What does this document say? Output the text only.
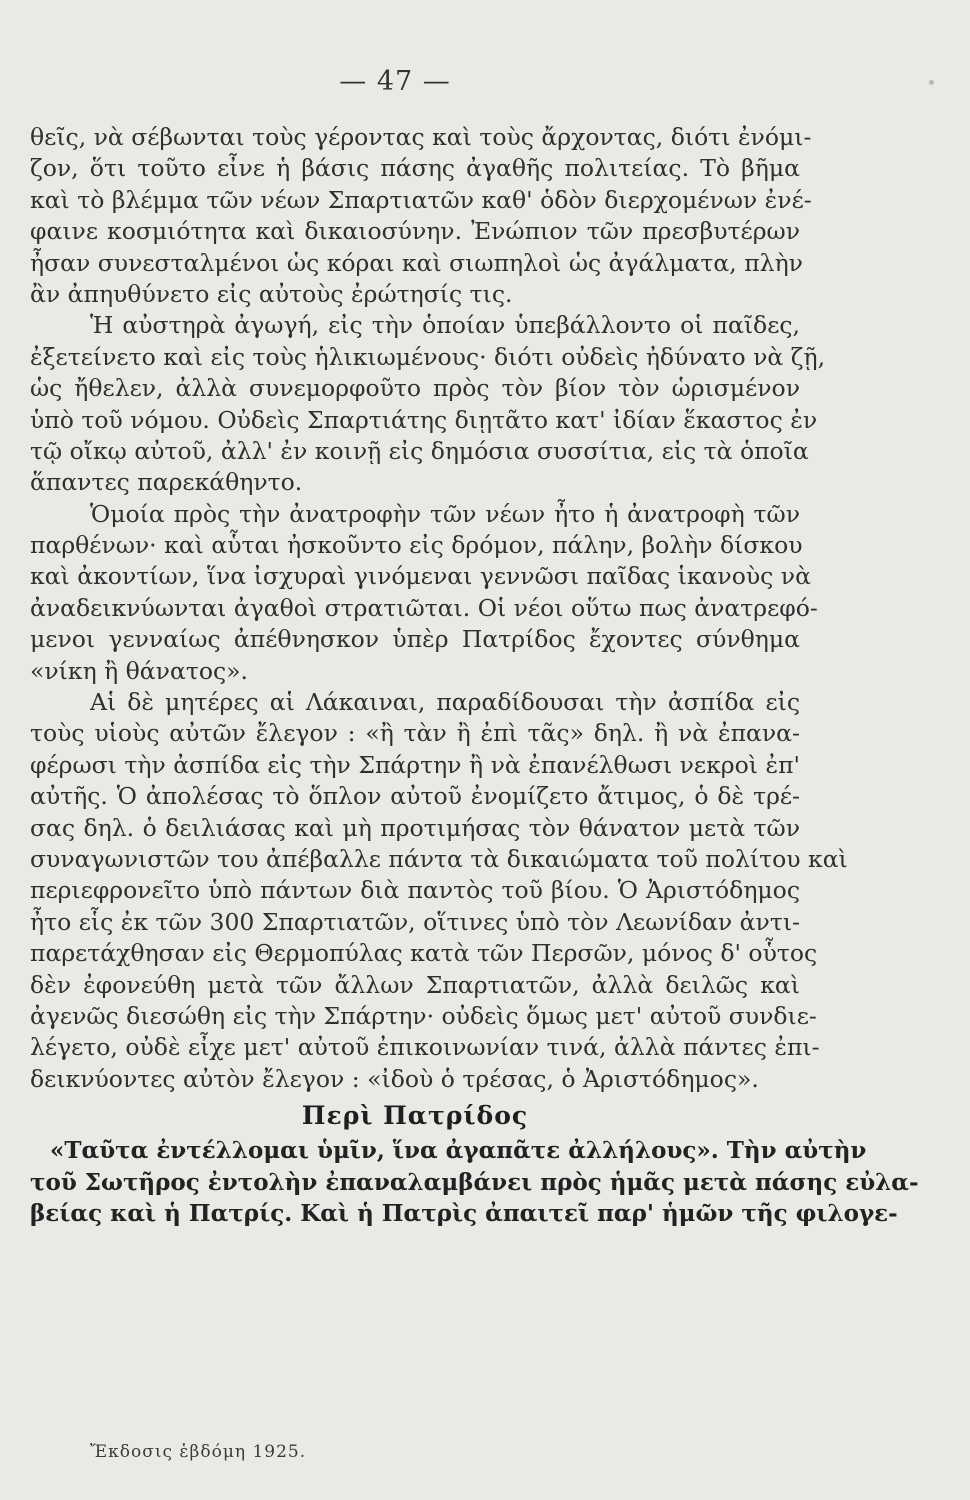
— 47 —
θεῖς, νὰ σέβωνται τοὺς γέροντας καὶ τοὺς ἄρχοντας, διότι ἐνόμι-
ζον, ὅτι τοῦτο εἶνε ἡ βάσις πάσης ἀγαθῆς πολιτείας. Τὸ βῆμα
καὶ τὸ βλέμμα τῶν νέων Σπαρτιατῶν καθ' ὁδὸν διερχομένων ἐνέ-
φαινε κοσμιότητα καὶ δικαιοσύνην. Ἐνώπιον τῶν πρεσβυτέρων
ἦσαν συνεσταλμένοι ὡς κόραι καὶ σιωπηλοὶ ὡς ἀγάλματα, πλὴν
ἂν ἀπηυθύνετο εἰς αὐτοὺς ἐρώτησίς τις.
Ἡ αὐστηρὰ ἀγωγή, εἰς τὴν ὁποίαν ὑπεβάλλοντο οἱ παῖδες,
ἐξετείνετο καὶ εἰς τοὺς ἡλικιωμένους· διότι οὐδεὶς ἠδύνατο νὰ ζῇ,
ὡς ἤθελεν, ἀλλὰ συνεμορφοῦτο πρὸς τὸν βίον τὸν ὡρισμένον
ὑπὸ τοῦ νόμου. Οὐδεὶς Σπαρτιάτης διῃτᾶτο κατ' ἰδίαν ἕκαστος ἐν
τῷ οἴκῳ αὐτοῦ, ἀλλ' ἐν κοινῇ εἰς δημόσια συσσίτια, εἰς τὰ ὁποῖα
ἅπαντες παρεκάθηντο.
Ὁμοία πρὸς τὴν ἀνατροφὴν τῶν νέων ἦτο ἡ ἀνατροφὴ τῶν
παρθένων· καὶ αὗται ἠσκοῦντο εἰς δρόμον, πάλην, βολὴν δίσκου
καὶ ἀκοντίων, ἵνα ἰσχυραὶ γινόμεναι γεννῶσι παῖδας ἱκανοὺς νὰ
ἀναδεικνύωνται ἀγαθοὶ στρατιῶται. Οἱ νέοι οὕτω πως ἀνατρεφό-
μενοι γενναίως ἀπέθνησκον ὑπὲρ Πατρίδος ἔχοντες σύνθημα
«νίκη ἢ θάνατος».
Αἱ δὲ μητέρες αἱ Λάκαιναι, παραδίδουσαι τὴν ἀσπίδα εἰς
τοὺς υἱοὺς αὐτῶν ἔλεγον : «ἢ τὰν ἢ ἐπὶ τᾶς» δηλ. ἢ νὰ ἐπανα-
φέρωσι τὴν ἀσπίδα εἰς τὴν Σπάρτην ἢ νὰ ἐπανέλθωσι νεκροὶ ἐπ'
αὐτῆς. Ὁ ἀπολέσας τὸ ὅπλον αὐτοῦ ἐνομίζετο ἄτιμος, ὁ δὲ τρέ-
σας δηλ. ὁ δειλιάσας καὶ μὴ προτιμήσας τὸν θάνατον μετὰ τῶν
συναγωνιστῶν του ἀπέβαλλε πάντα τὰ δικαιώματα τοῦ πολίτου καὶ
περιεφρονεῖτο ὑπὸ πάντων διὰ παντὸς τοῦ βίου. Ὁ Ἀριστόδημος
ἦτο εἷς ἐκ τῶν 300 Σπαρτιατῶν, οἵτινες ὑπὸ τὸν Λεωνίδαν ἀντι-
παρετάχθησαν εἰς Θερμοπύλας κατὰ τῶν Περσῶν, μόνος δ' οὗτος
δὲν ἐφονεύθη μετὰ τῶν ἄλλων Σπαρτιατῶν, ἀλλὰ δειλῶς καὶ
ἀγενῶς διεσώθη εἰς τὴν Σπάρτην· οὐδεὶς ὅμως μετ' αὐτοῦ συνδιε-
λέγετο, οὐδὲ εἶχε μετ' αὐτοῦ ἐπικοινωνίαν τινά, ἀλλὰ πάντες ἐπι-
δεικνύοντες αὐτὸν ἔλεγον : «ἰδοὺ ὁ τρέσας, ὁ Ἀριστόδημος».
Περὶ Πατρίδος
«Ταῦτα ἐντέλλομαι ὑμῖν, ἵνα ἀγαπᾶτε ἀλλήλους». Τὴν αὐτὴν
τοῦ Σωτῆρος ἐντολὴν ἐπαναλαμβάνει πρὸς ἡμᾶς μετὰ πάσης εὐλα-
βείας καὶ ἡ Πατρίς. Καὶ ἡ Πατρὶς ἀπαιτεῖ παρ' ἡμῶν τῆς φιλογε-
Ἔκδοσις ἑβδόμη 1925.
